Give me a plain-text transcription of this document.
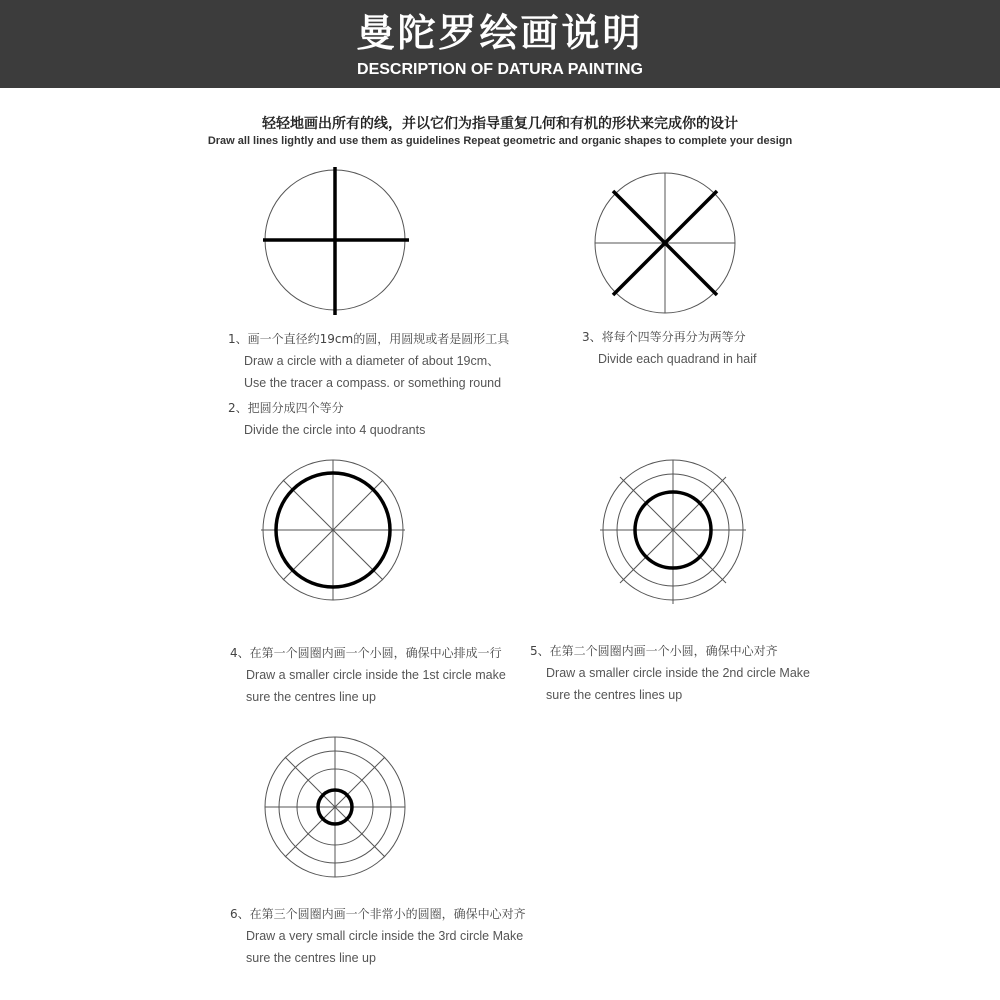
曼陀罗绘画说明
DESCRIPTION OF DATURA PAINTING
轻轻地画出所有的线，并以它们为指导重复几何和有机的形状来完成你的设计
Draw all lines lightly and use them as guidelines Repeat geometric and organic shapes to complete your design
1、画一个直径约19cm的圆，用圆规或者是圆形工具
Draw a circle with a diameter of about 19cm、
Use the tracer a compass. or something round
2、把圆分成四个等分
Divide the circle into 4 quodrants
3、将每个四等分再分为两等分
Divide each quadrand in haif
4、在第一个圆圈内画一个小圆，确保中心排成一行
Draw a smaller circle inside the 1st circle make
sure the centres line up
5、在第二个圆圈内画一个小圆，确保中心对齐
Draw a smaller circle inside the 2nd circle Make
sure the centres lines up
6、在第三个圆圈内画一个非常小的圆圈，确保中心对齐
Draw a very small circle inside the 3rd circle Make
sure the centres line up
